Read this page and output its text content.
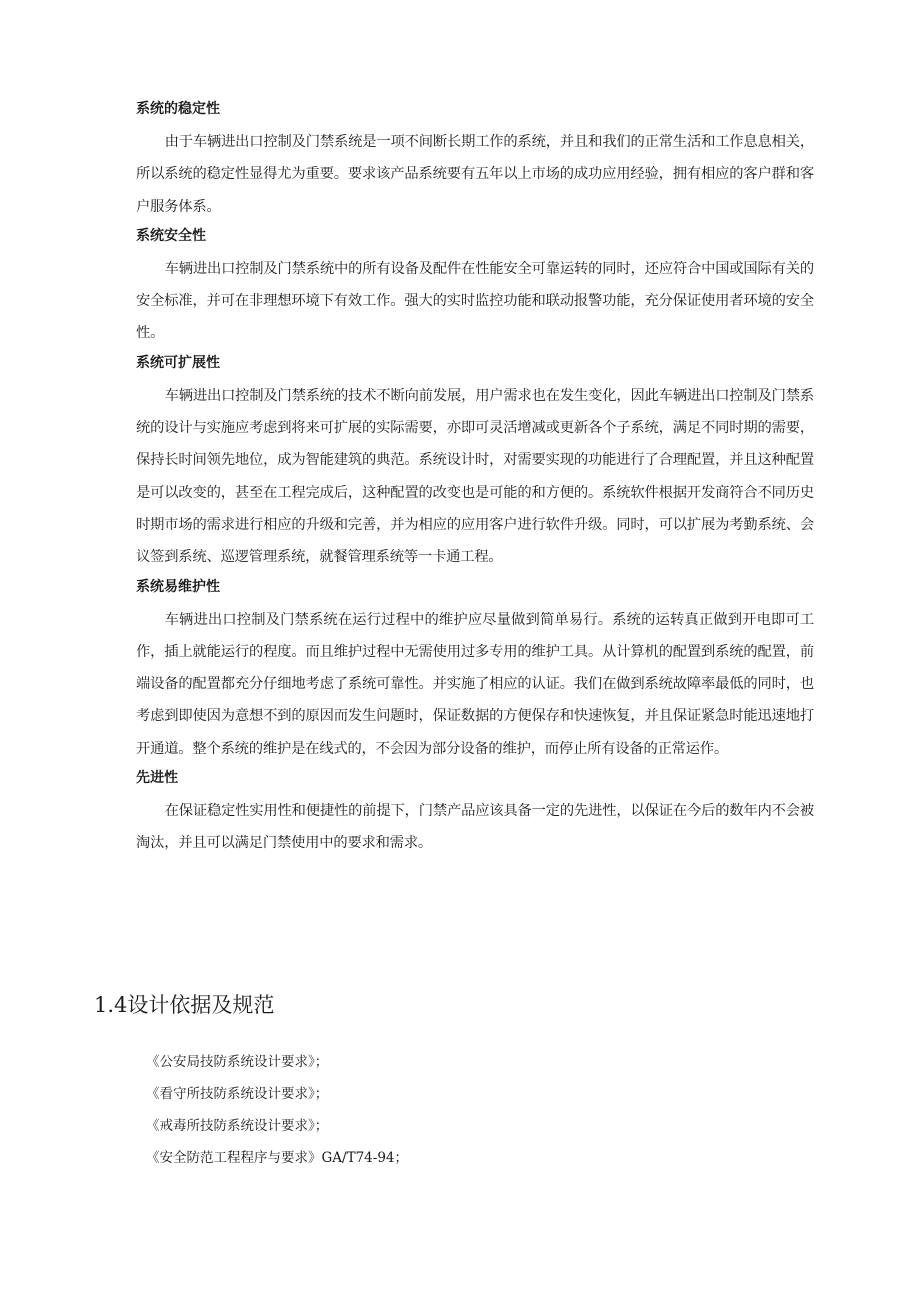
系统的稳定性
由于车辆进出口控制及门禁系统是一项不间断长期工作的系统，并且和我们的正常生活和工作息息相关，所以系统的稳定性显得尤为重要。要求该产品系统要有五年以上市场的成功应用经验，拥有相应的客户群和客户服务体系。
系统安全性
车辆进出口控制及门禁系统中的所有设备及配件在性能安全可靠运转的同时，还应符合中国或国际有关的安全标准，并可在非理想环境下有效工作。强大的实时监控功能和联动报警功能，充分保证使用者环境的安全性。
系统可扩展性
车辆进出口控制及门禁系统的技术不断向前发展，用户需求也在发生变化，因此车辆进出口控制及门禁系统的设计与实施应考虑到将来可扩展的实际需要，亦即可灵活增减或更新各个子系统，满足不同时期的需要，保持长时间领先地位，成为智能建筑的典范。系统设计时，对需要实现的功能进行了合理配置，并且这种配置是可以改变的，甚至在工程完成后，这种配置的改变也是可能的和方便的。系统软件根据开发商符合不同历史时期市场的需求进行相应的升级和完善，并为相应的应用客户进行软件升级。同时，可以扩展为考勤系统、会议签到系统、巡逻管理系统，就餐管理系统等一卡通工程。
系统易维护性
车辆进出口控制及门禁系统在运行过程中的维护应尽量做到简单易行。系统的运转真正做到开电即可工作，插上就能运行的程度。而且维护过程中无需使用过多专用的维护工具。从计算机的配置到系统的配置，前端设备的配置都充分仔细地考虑了系统可靠性。并实施了相应的认证。我们在做到系统故障率最低的同时，也考虑到即使因为意想不到的原因而发生问题时，保证数据的方便保存和快速恢复，并且保证紧急时能迅速地打开通道。整个系统的维护是在线式的，不会因为部分设备的维护，而停止所有设备的正常运作。
先进性
在保证稳定性实用性和便捷性的前提下，门禁产品应该具备一定的先进性，以保证在今后的数年内不会被淘汰，并且可以满足门禁使用中的要求和需求。
1.4设计依据及规范
《公安局技防系统设计要求》；
《看守所技防系统设计要求》；
《戒毒所技防系统设计要求》；
《安全防范工程程序与要求》GA/T74-94；
